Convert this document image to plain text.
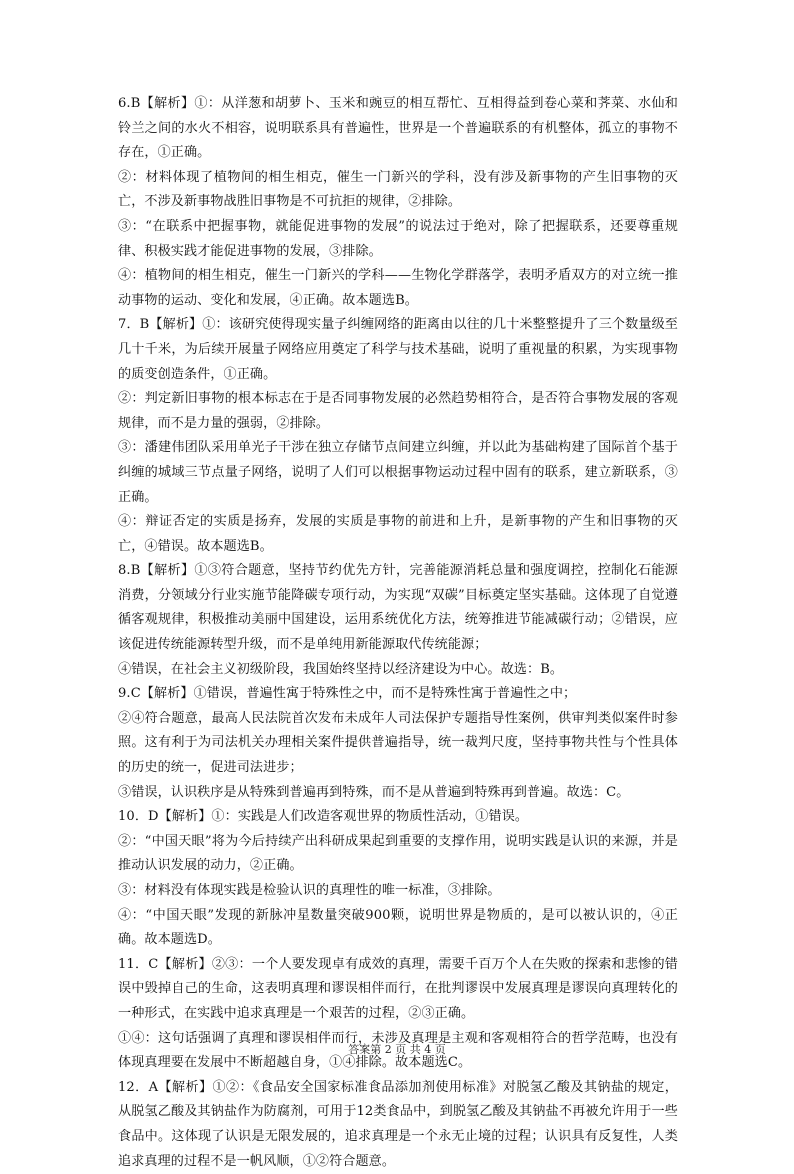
6.B【解析】①：从洋葱和胡萝卜、玉米和豌豆的相互帮忙、互相得益到卷心菜和荠菜、水仙和铃兰之间的水火不相容，说明联系具有普遍性，世界是一个普遍联系的有机整体，孤立的事物不存在，①正确。

②：材料体现了植物间的相生相克，催生一门新兴的学科，没有涉及新事物的产生旧事物的灭亡，不涉及新事物战胜旧事物是不可抗拒的规律，②排除。

③：“在联系中把握事物，就能促进事物的发展”的说法过于绝对，除了把握联系，还要尊重规律、积极实践才能促进事物的发展，③排除。

④：植物间的相生相克，催生一门新兴的学科——生物化学群落学，表明矛盾双方的对立统一推动事物的运动、变化和发展，④正确。故本题选B。

7．B【解析】①：该研究使得现实量子纠缠网络的距离由以往的几十米整整提升了三个数量级至几十千米，为后续开展量子网络应用奠定了科学与技术基础，说明了重视量的积累，为实现事物的质变创造条件，①正确。

②：判定新旧事物的根本标志在于是否同事物发展的必然趋势相符合，是否符合事物发展的客观规律，而不是力量的强弱，②排除。

③：潘建伟团队采用单光子干涉在独立存储节点间建立纠缠，并以此为基础构建了国际首个基于纠缠的城域三节点量子网络，说明了人们可以根据事物运动过程中固有的联系，建立新联系，③正确。

④：辩证否定的实质是扬弃，发展的实质是事物的前进和上升，是新事物的产生和旧事物的灭亡，④错误。故本题选B。

8.B【解析】①③符合题意，坚持节约优先方针，完善能源消耗总量和强度调控，控制化石能源消费，分领域分行业实施节能降碳专项行动，为实现“双碳”目标奠定坚实基础。这体现了自觉遵循客观规律，积极推动美丽中国建设，运用系统优化方法，统筹推进节能减碳行动；②错误，应该促进传统能源转型升级，而不是单纯用新能源取代传统能源；

④错误，在社会主义初级阶段，我国始终坚持以经济建设为中心。故选：B。

9.C【解析】①错误，普遍性寓于特殊性之中，而不是特殊性寓于普遍性之中；

②④符合题意，最高人民法院首次发布未成年人司法保护专题指导性案例，供审判类似案件时参照。这有利于为司法机关办理相关案件提供普遍指导，统一裁判尺度，坚持事物共性与个性具体的历史的统一，促进司法进步；

③错误，认识秩序是从特殊到普遍再到特殊，而不是从普遍到特殊再到普遍。故选：C。

10．D【解析】①：实践是人们改造客观世界的物质性活动，①错误。

②：“中国天眼”将为今后持续产出科研成果起到重要的支撑作用，说明实践是认识的来源，并是推动认识发展的动力，②正确。

③：材料没有体现实践是检验认识的真理性的唯一标准，③排除。

④：“中国天眼”发现的新脉冲星数量突破900颗，说明世界是物质的，是可以被认识的，④正确。故本题选D。

11．C【解析】②③：一个人要发现卓有成效的真理，需要千百万个人在失败的探索和悲惨的错误中毁掉自己的生命，这表明真理和谬误相伴而行，在批判谬误中发展真理是谬误向真理转化的一种形式，在实践中追求真理是一个艰苦的过程，②③正确。

①④：这句话强调了真理和谬误相伴而行，未涉及真理是主观和客观相符合的哲学范畴，也没有体现真理要在发展中不断超越自身，①④排除。故本题选C。

12．A【解析】①②：《食品安全国家标准食品添加剂使用标准》对脱氢乙酸及其钠盐的规定，从脱氢乙酸及其钠盐作为防腐剂，可用于12类食品中，到脱氢乙酸及其钠盐不再被允许用于一些食品中。这体现了认识是无限发展的，追求真理是一个永无止境的过程；认识具有反复性，人类追求真理的过程不是一帆风顺，①②符合题意。

答案第 2 页 共 4 页
